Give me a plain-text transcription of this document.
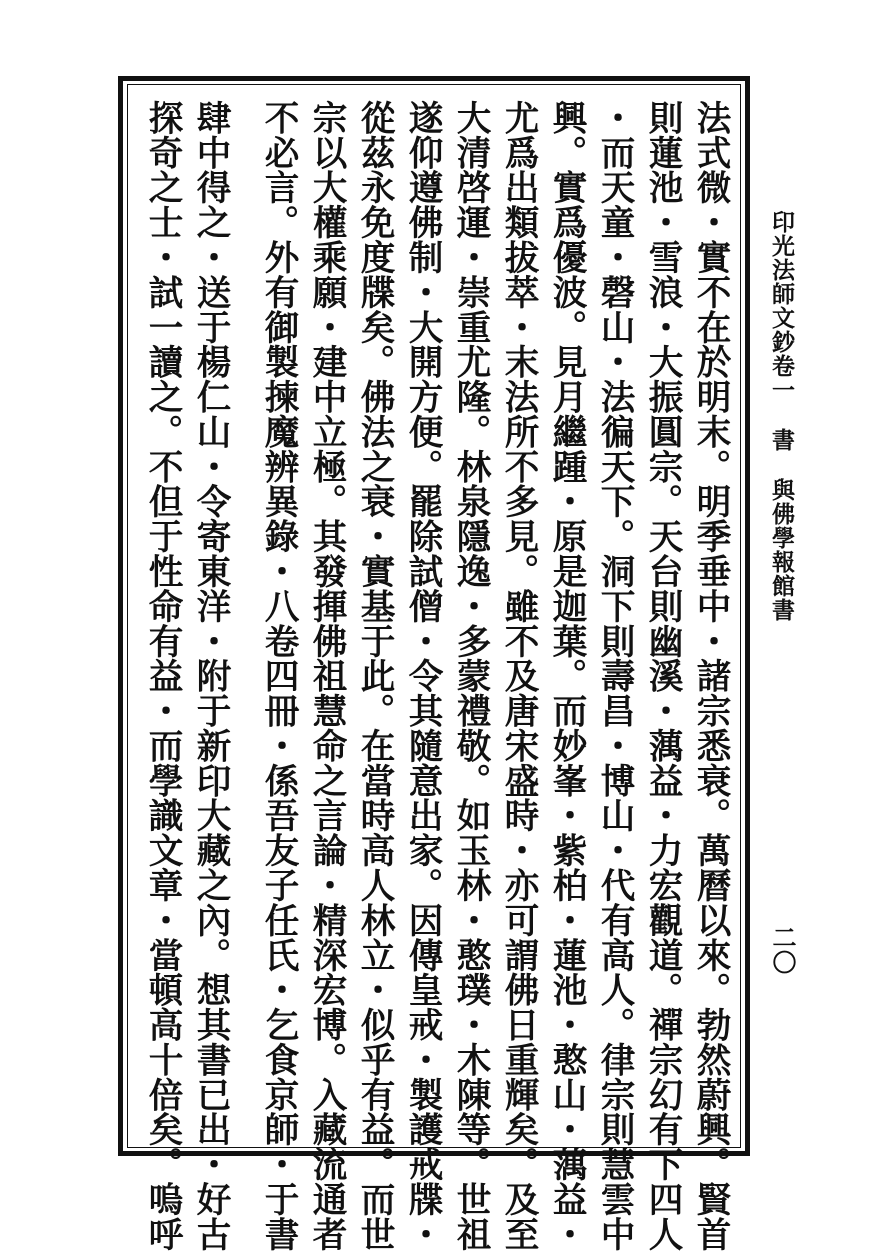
印光法師文鈔卷一書與佛學報館書
二〇
法式微・實不在於明末。明季垂中・諸宗悉衰。萬曆以來。勃然蔚興。賢首
則蓮池・雪浪・大振圓宗。天台則幽溪・蕅益・力宏觀道。禪宗幻有下四人
・而天童・磬山・法徧天下。洞下則壽昌・博山・代有高人。律宗則慧雲中
興。實爲優波。見月繼踵・原是迦葉。而妙峯・紫柏・蓮池・憨山・蕅益・
尤爲出類拔萃・末法所不多見。雖不及唐宋盛時・亦可謂佛日重輝矣。及至
大清啓運・崇重尤隆。林泉隱逸・多蒙禮敬。如玉林・憨璞・木陳等。世祖
遂仰遵佛制・大開方便。罷除試僧・令其隨意出家。因傳皇戒・製護戒牒・
從茲永免度牒矣。佛法之衰・實基于此。在當時高人林立・似乎有益。而世
宗以大權乘願・建中立極。其發揮佛祖慧命之言論・精深宏博。入藏流通者
不必言。外有御製揀魔辨異錄・八卷四冊・係吾友子任氏・乞食京師・于書
肆中得之・送于楊仁山・令寄東洋・附于新印大藏之內。想其書已出・好古
探奇之士・試一讀之。不但于性命有益・而學識文章・當頓高十倍矣。嗚呼
